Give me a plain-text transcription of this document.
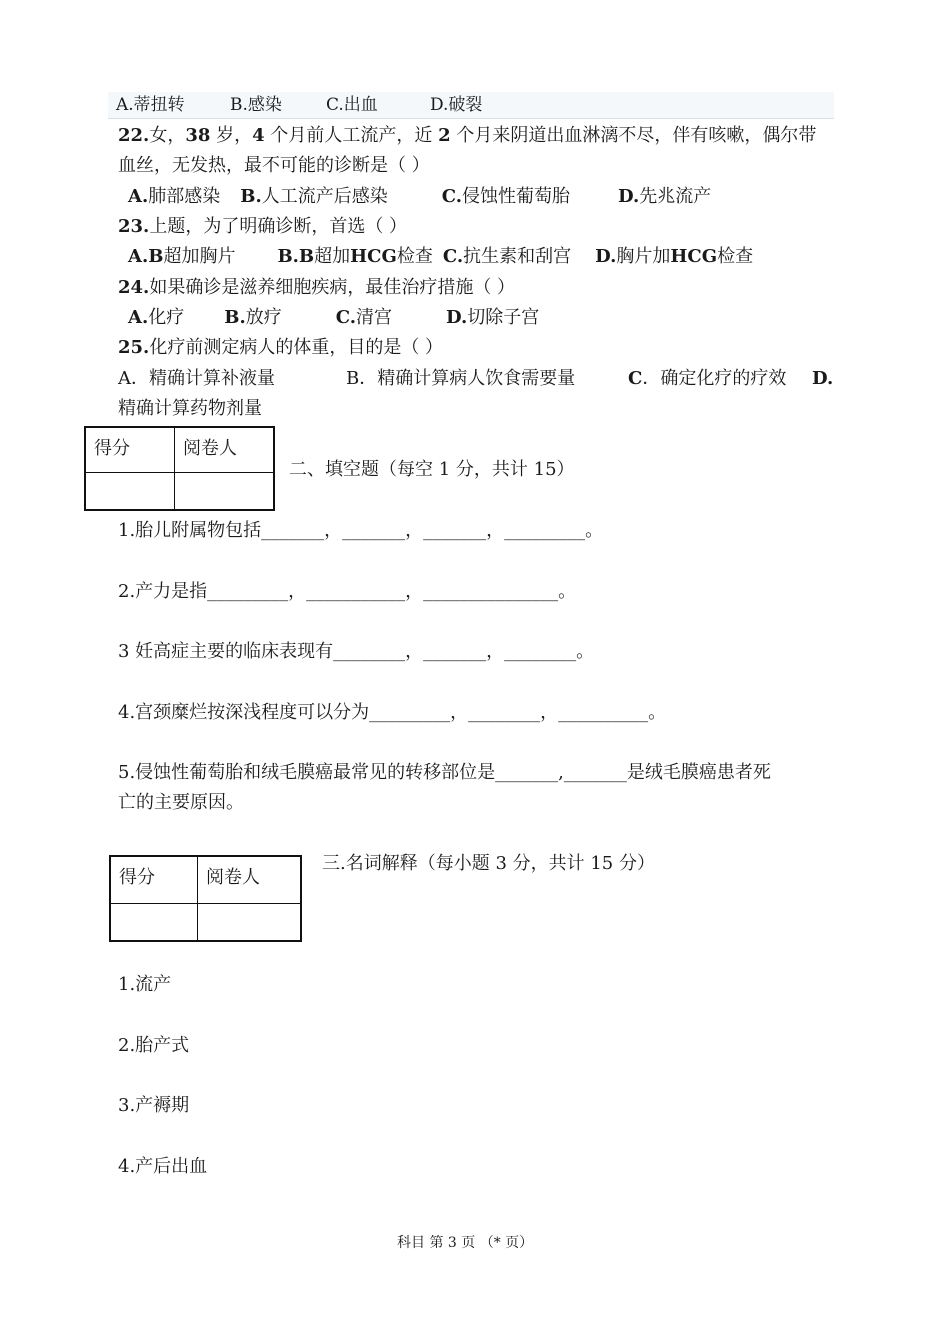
A.蒂扭转	B.感染	C.出血	D.破裂
22.女，38 岁，4 个月前人工流产，近 2 个月来阴道出血淋漓不尽，伴有咳嗽，偶尔带
血丝，无发热，最不可能的诊断是（ ）
A.肺部感染 B.人工流产后感染	C.侵蚀性葡萄胎	D.先兆流产
23.上题，为了明确诊断，首选（ ）
A.B超加胸片 B.B超加HCG检查 C.抗生素和刮宫 D.胸片加HCG检查
24.如果确诊是滋养细胞疾病，最佳治疗措施（ ）
A.化疗 B.放疗	C.清宫	D.切除子宫
25.化疗前测定病人的体重，目的是（ ）
A．精确计算补液量	B．精确计算病人饮食需要量	C．确定化疗的疗效 D.
精确计算药物剂量
得分	阅卷人

二、填空题（每空 1 分，共计 15）
1.胎儿附属物包括_______，_______，_______，_________。
2.产力是指_________，___________，_______________。
3 妊高症主要的临床表现有________，_______，________。
4.宫颈糜烂按深浅程度可以分为_________，________，__________。
5.侵蚀性葡萄胎和绒毛膜癌最常见的转移部位是_______,_______是绒毛膜癌患者死
亡的主要原因。
得分	阅卷人

三.名词解释（每小题 3 分，共计 15 分）
1.流产
2.胎产式
3.产褥期
4.产后出血
科目 第 3 页 （* 页）
